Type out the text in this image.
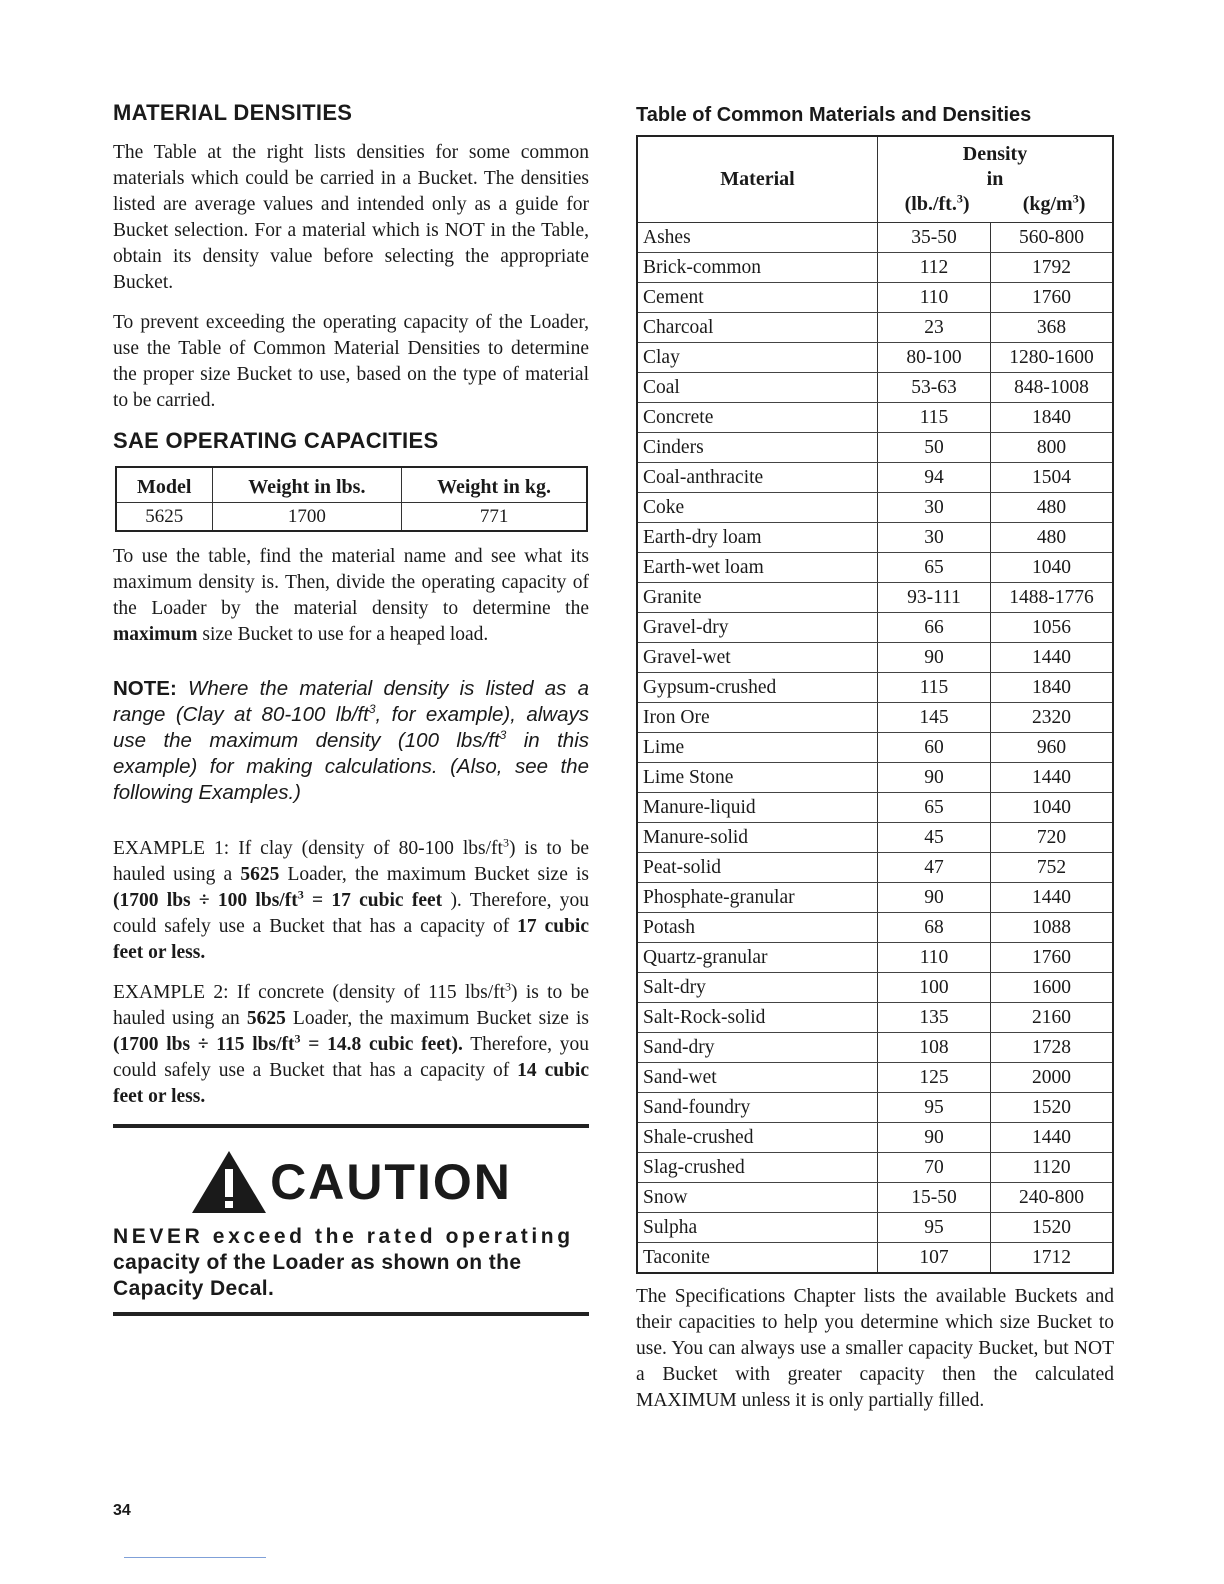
MATERIAL DENSITIES

The Table at the right lists densities for some common materials which could be carried in a Bucket. The densities listed are average values and intended only as a guide for Bucket selection. For a material which is NOT in the Table, obtain its density value before selecting the appropriate Bucket.

To prevent exceeding the operating capacity of the Loader, use the Table of Common Material Densities to determine the proper size Bucket to use, based on the type of material to be carried.

SAE OPERATING CAPACITIES
Model	Weight in lbs.	Weight in kg.
5625	1700	771

To use the table, find the material name and see what its maximum density is. Then, divide the operating capacity of the Loader by the material density to determine the maximum size Bucket to use for a heaped load.

NOTE: Where the material density is listed as a range (Clay at 80-100 $lb/ft^3$, for example), always use the maximum density (100 lbs/$ft^3$ in this example) for making calculations. (Also, see the following Examples.)

EXAMPLE 1: If clay (density of 80-100 lbs/$ft^3$) is to be hauled using a 5625 Loader, the maximum Bucket size is (1700 lbs ÷ 100 lbs/$ft^3 = 17$ cubic feet ). Therefore, you could safely use a Bucket that has a capacity of 17 cubic feet or less.

EXAMPLE 2: If concrete (density of 115 lbs/$ft^3$) is to be hauled using an 5625 Loader, the maximum Bucket size is (1700 lbs ÷ 115 lbs/$ft^3 = 14.8$ cubic feet). Therefore, you could safely use a Bucket that has a capacity of 14 cubic feet or less.

CAUTION
NEVER exceed the rated operating capacity of the Loader as shown on the Capacity Decal.
Table of Common Materials and Densities
Material	Density
in
(lb./ft.$^3$) $(kg/m^3)$	

Ashes	35-50	560-800
Brick-common	112	1792
Cement	110	1760
Charcoal	23	368
Clay	80-100	1280-1600
Coal	53-63	848-1008
Concrete	115	1840
Cinders	50	800
Coal-anthracite	94	1504
Coke	30	480
Earth-dry loam	30	480
Earth-wet loam	65	1040
Granite	93-111	1488-1776
Gravel-dry	66	1056
Gravel-wet	90	1440
Gypsum-crushed	115	1840
Iron Ore	145	2320
Lime	60	960
Lime Stone	90	1440
Manure-liquid	65	1040
Manure-solid	45	720
Peat-solid	47	752
Phosphate-granular	90	1440
Potash	68	1088
Quartz-granular	110	1760
Salt-dry	100	1600
Salt-Rock-solid	135	2160
Sand-dry	108	1728
Sand-wet	125	2000
Sand-foundry	95	1520
Shale-crushed	90	1440
Slag-crushed	70	1120
Snow	15-50	240-800
Sulpha	95	1520
Taconite	107	1712

The Specifications Chapter lists the available Buckets and their capacities to help you determine which size Bucket to use. You can always use a smaller capacity Bucket, but NOT a Bucket with greater capacity then the calculated MAXIMUM unless it is only partially filled.

34
